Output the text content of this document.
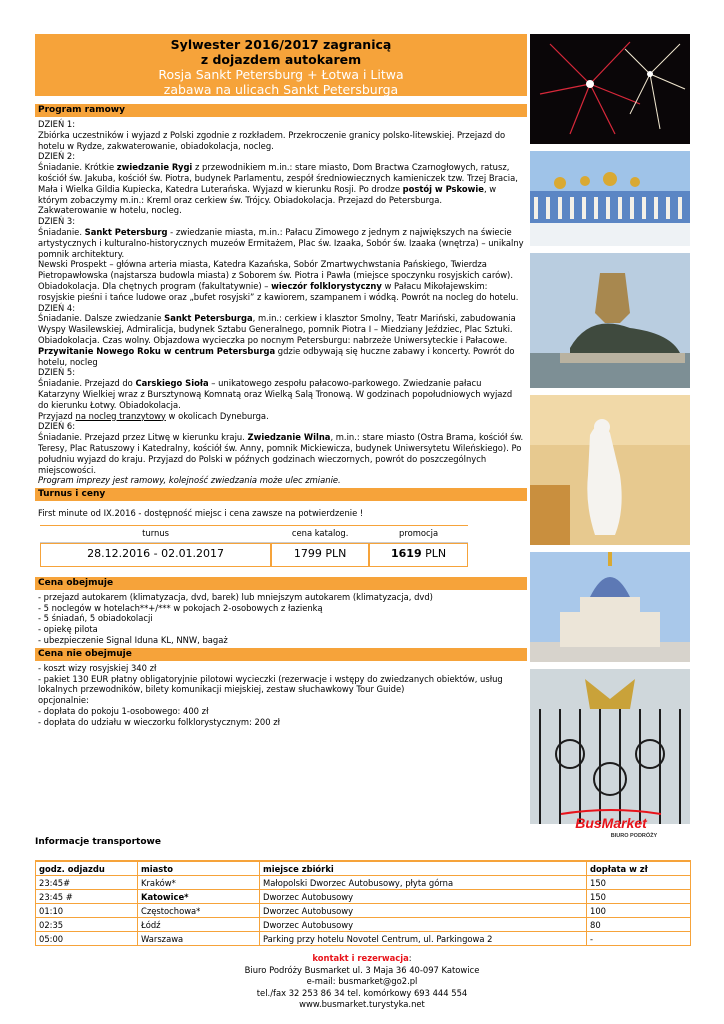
Sylwester 2016/2017 zagranicą
z dojazdem autokarem
Rosja Sankt Petersburg + Łotwa i Litwa
zabawa na ulicach Sankt Petersburga
Program ramowy

DZIEŃ 1:

Zbiórka uczestników i wyjazd z Polski zgodnie z rozkładem. Przekroczenie granicy polsko-litewskiej. Przejazd do hotelu w Rydze, zakwaterowanie, obiadokolacja, nocleg.

DZIEŃ 2:

Śniadanie. Krótkie zwiedzanie Rygi z przewodnikiem m.in.: stare miasto, Dom Bractwa Czarnogłowych, ratusz, kościół św. Jakuba, kościół św. Piotra, budynek Parlamentu, zespół średniowiecznych kamieniczek tzw. Trzej Bracia, Mała i Wielka Gildia Kupiecka, Katedra Luterańska. Wyjazd w kierunku Rosji. Po drodze postój w Pskowie, w którym zobaczymy m.in.: Kreml oraz cerkiew św. Trójcy. Obiadokolacja. Przejazd do Petersburga.

Zakwaterowanie w hotelu, nocleg.

DZIEŃ 3:

Śniadanie. Sankt Petersburg - zwiedzanie miasta, m.in.: Pałacu Zimowego z jednym z największych na świecie artystycznych i kulturalno-historycznych muzeów Ermitażem, Plac św. Izaaka, Sobór św. Izaaka (wnętrza) – unikalny pomnik architektury.

Newski Prospekt – główna arteria miasta, Katedra Kazańska, Sobór Zmartwychwstania Pańskiego, Twierdza Pietropawłowska (najstarsza budowla miasta) z Soborem św. Piotra i Pawła (miejsce spoczynku rosyjskich carów). Obiadokolacja. Dla chętnych program (fakultatywnie) – wieczór folklorystyczny w Pałacu Mikołajewskim: rosyjskie pieśni i tańce ludowe oraz „bufet rosyjski” z kawiorem, szampanem i wódką. Powrót na nocleg do hotelu.

DZIEŃ 4:

Śniadanie. Dalsze zwiedzanie Sankt Petersburga, m.in.: cerkiew i klasztor Smolny, Teatr Mariński, zabudowania Wyspy Wasilewskiej, Admiralicja, budynek Sztabu Generalnego, pomnik Piotra I – Miedziany Jeździec, Plac Sztuki. Obiadokolacja. Czas wolny. Objazdowa wycieczka po nocnym Petersburgu: nabrzeże Uniwersyteckie i Pałacowe. Przywitanie Nowego Roku w centrum Petersburga gdzie odbywają się huczne zabawy i koncerty. Powrót do hotelu, nocleg

DZIEŃ 5:

Śniadanie. Przejazd do Carskiego Sioła – unikatowego zespołu pałacowo-parkowego. Zwiedzanie pałacu Katarzyny Wielkiej wraz z Bursztynową Komnatą oraz Wielką Salą Tronową. W godzinach popołudniowych wyjazd do kierunku Łotwy. Obiadokolacja.

Przyjazd na nocleg tranzytowy w okolicach Dyneburga.

DZIEŃ 6:

Śniadanie. Przejazd przez Litwę w kierunku kraju. Zwiedzanie Wilna, m.in.: stare miasto (Ostra Brama, kościół św. Teresy, Plac Ratuszowy i Katedralny, kościół św. Anny, pomnik Mickiewicza, budynek Uniwersytetu Wileńskiego). Po południu wyjazd do kraju. Przyjazd do Polski w późnych godzinach wieczornych, powrót do poszczególnych miejscowości.

Program imprezy jest ramowy, kolejność zwiedzania może ulec zmianie.

Turnus i ceny

First minute od IX.2016 - dostępność miejsc i cena zawsze na potwierdzenie !

turnus	cena katalog.	promocja
28.12.2016 - 02.01.2017	1799 PLN	1619 PLN
Cena obejmuje

- przejazd autokarem (klimatyzacja, dvd, barek) lub mniejszym autokarem (klimatyzacja, dvd)

- 5 noclegów w hotelach**+/*** w pokojach 2-osobowych z łazienką

- 5 śniadań, 5 obiadokolacji

- opiekę pilota

- ubezpieczenie Signal Iduna KL, NNW, bagaż

Cena nie obejmuje

- koszt wizy rosyjskiej 340 zł

- pakiet 130 EUR płatny obligatoryjnie pilotowi wycieczki (rezerwacje i wstępy do zwiedzanych obiektów, usług lokalnych przewodników, bilety komunikacji miejskiej, zestaw słuchawkowy Tour Guide)

opcjonalnie:

- dopłata do pokoju 1-osobowego: 400 zł

- dopłata do udziału w wieczorku folklorystycznym: 200 zł

BusMarket
BIURO PODRÓŻY
Informacje transportowe
godz. odjazdu	miasto	miejsce zbiórki	dopłata w zł
23:45#	Kraków*	Małopolski Dworzec Autobusowy, płyta górna	150
23:45 #	Katowice*	Dworzec Autobusowy	150
01:10	Częstochowa*	Dworzec Autobusowy	100
02:35	Łódź	Dworzec Autobusowy	80
05:00	Warszawa	Parking przy hotelu Novotel Centrum, ul. Parkingowa 2	-
kontakt i rezerwacja:
Biuro Podróży Busmarket ul. 3 Maja 36 40-097 Katowice
e-mail: busmarket@go2.pl
tel./fax 32 253 86 34 tel. komórkowy 693 444 554
www.busmarket.turystyka.net
